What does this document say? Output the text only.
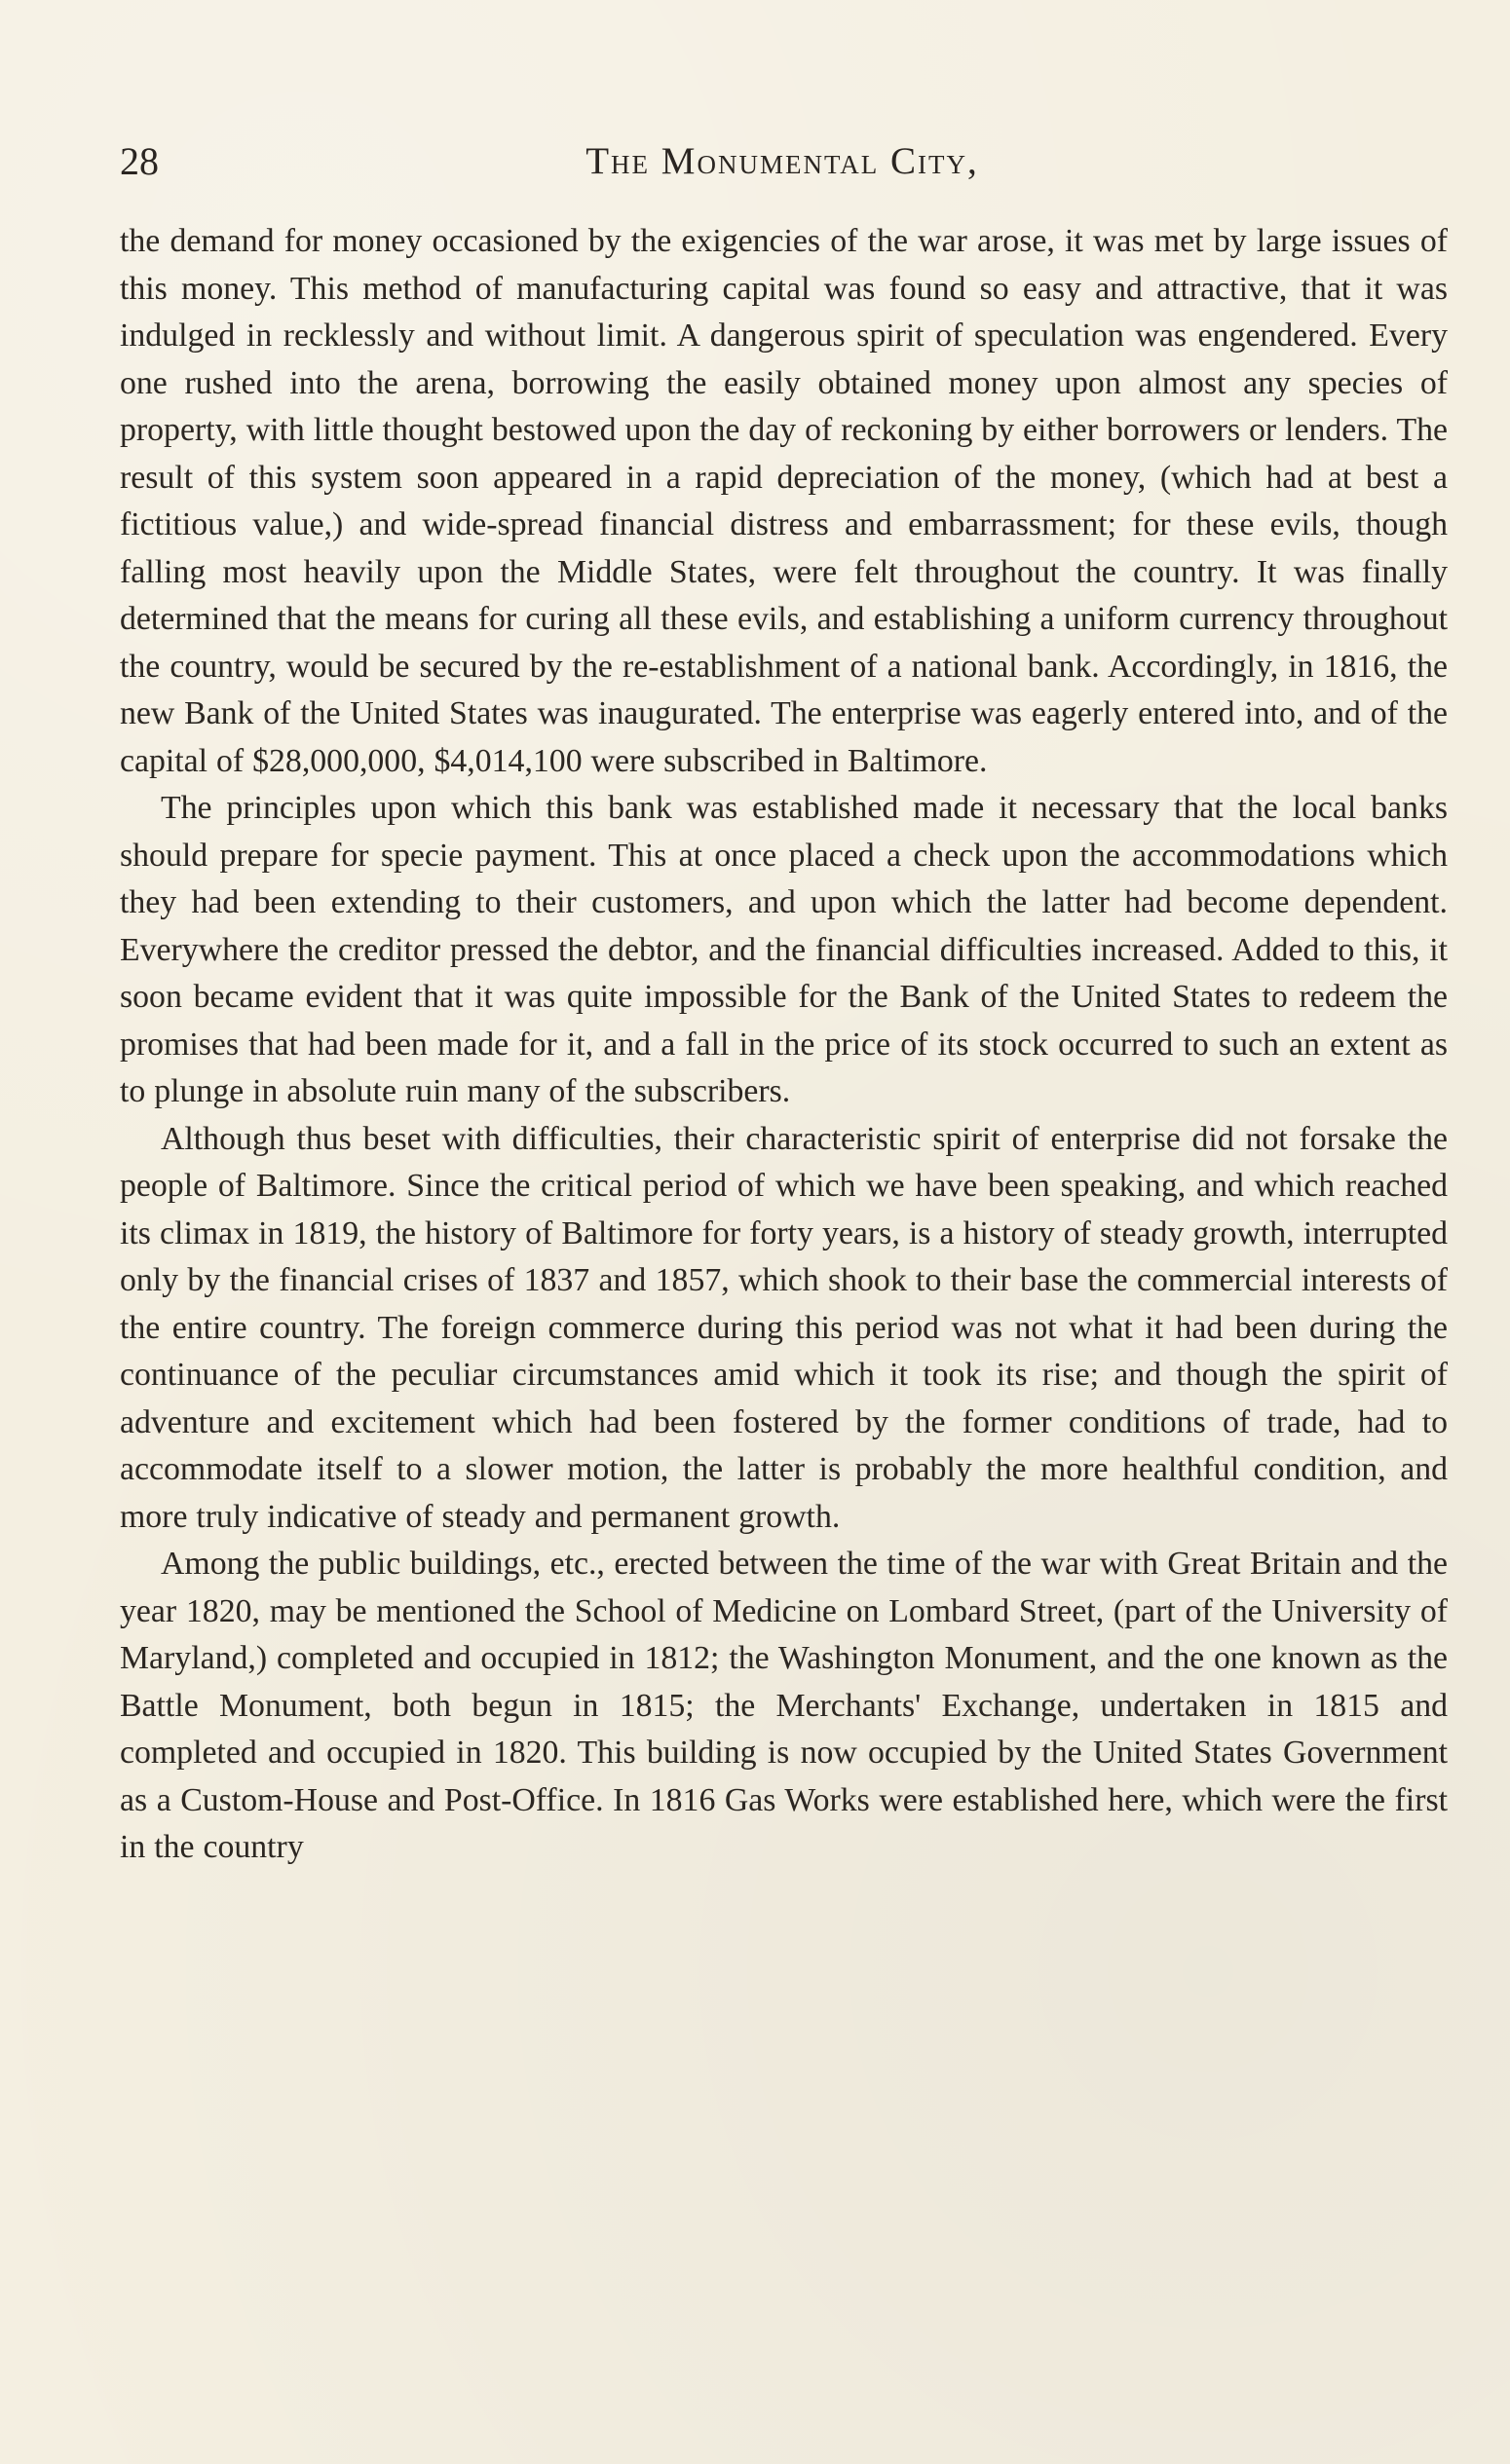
28	The Monumental City,

the demand for money occasioned by the exigencies of the war arose, it was met by large issues of this money. This method of manufacturing capital was found so easy and attractive, that it was indulged in recklessly and without limit. A dangerous spirit of speculation was engendered. Every one rushed into the arena, borrowing the easily obtained money upon almost any species of property, with little thought bestowed upon the day of reckoning by either borrowers or lenders. The result of this system soon appeared in a rapid depreciation of the money, (which had at best a fictitious value,) and wide-spread financial distress and embarrassment; for these evils, though falling most heavily upon the Middle States, were felt throughout the country. It was finally determined that the means for curing all these evils, and establishing a uniform currency throughout the country, would be secured by the re-establishment of a national bank. Accordingly, in 1816, the new Bank of the United States was inaugurated. The enterprise was eagerly entered into, and of the capital of $28,000,000, $4,014,100 were subscribed in Baltimore.

The principles upon which this bank was established made it necessary that the local banks should prepare for specie payment. This at once placed a check upon the accommodations which they had been extending to their customers, and upon which the latter had become dependent. Everywhere the creditor pressed the debtor, and the financial difficulties increased. Added to this, it soon became evident that it was quite impossible for the Bank of the United States to redeem the promises that had been made for it, and a fall in the price of its stock occurred to such an extent as to plunge in absolute ruin many of the subscribers.

Although thus beset with difficulties, their characteristic spirit of enterprise did not forsake the people of Baltimore. Since the critical period of which we have been speaking, and which reached its climax in 1819, the history of Baltimore for forty years, is a history of steady growth, interrupted only by the financial crises of 1837 and 1857, which shook to their base the commercial interests of the entire country. The foreign commerce during this period was not what it had been during the continuance of the peculiar circumstances amid which it took its rise; and though the spirit of adventure and excitement which had been fostered by the former conditions of trade, had to accommodate itself to a slower motion, the latter is probably the more healthful condition, and more truly indicative of steady and permanent growth.

Among the public buildings, etc., erected between the time of the war with Great Britain and the year 1820, may be mentioned the School of Medicine on Lombard Street, (part of the University of Maryland,) completed and occupied in 1812; the Washington Monument, and the one known as the Battle Monument, both begun in 1815; the Merchants' Exchange, undertaken in 1815 and completed and occupied in 1820. This building is now occupied by the United States Government as a Custom-House and Post-Office. In 1816 Gas Works were established here, which were the first in the country
